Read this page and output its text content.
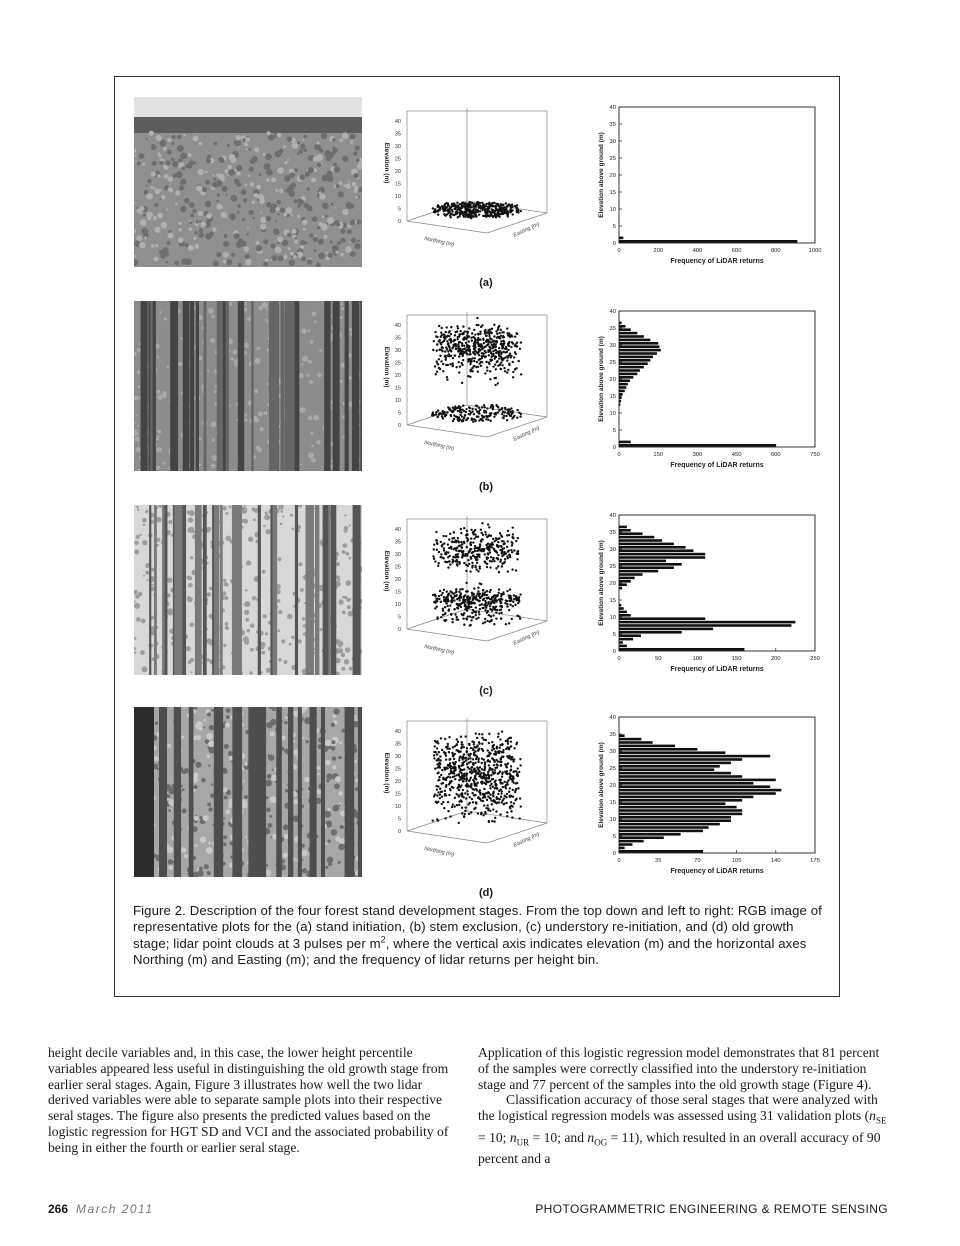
0
5
10
15
20
25
30
35
40
Elevation (m)
Northing (m)
Easting (m)
0
5
10
15
20
25
30
35
40
0	200	400	600	800	1000
Elevation above ground (m)
Frequency of LiDAR returns
(a)
0
5
10
15
20
25
30
35
40
Elevation (m)
Northing (m)
Easting (m)
0
5
10
15
20
25
30
35
40
0	150	300	450	600	750
Elevation above ground (m)
Frequency of LiDAR returns
(b)
0
5
10
15
20
25
30
35
40
Elevation (m)
Northing (m)
Easting (m)
0
5
10
15
20
25
30
35
40
0	50	100	150	200	250
Elevation above ground (m)
Frequency of LiDAR returns
(c)
0
5
10
15
20
25
30
35
40
Elevation (m)
Northing (m)
Easting (m)
0
5
10
15
20
25
30
35
40
0	35	70	105	140	175
Elevation above ground (m)
Frequency of LiDAR returns
(d)
Figure 2. Description of the four forest stand development stages. From the top down and left to right: RGB image of representative plots for the (a) stand initiation, (b) stem exclusion, (c) understory re-initiation, and (d) old growth stage; lidar point clouds at 3 pulses per $m^2$, where the vertical axis indicates elevation (m) and the horizontal axes Northing (m) and Easting (m); and the frequency of lidar returns per height bin.

height decile variables and, in this case, the lower height percentile variables appeared less useful in distinguishing the old growth stage from earlier seral stages. Again, Figure 3 illustrates how well the two lidar derived variables were able to separate sample plots into their respective seral stages. The figure also presents the predicted values based on the logistic regression for HGT SD and VCI and the associated probability of being in either the fourth or earlier seral stage.

Application of this logistic regression model demonstrates that 81 percent of the samples were correctly classified into the understory re-initiation stage and 77 percent of the samples into the old growth stage (Figure 4).

Classification accuracy of those seral stages that were analyzed with the logistical regression models was assessed using 31 validation plots ($n_{SE} = 10$; $n_{UR} = 10$; and $n_{OG} = 11$), which resulted in an overall accuracy of 90 percent and a

266 March 2011	PHOTOGRAMMETRIC ENGINEERING & REMOTE SENSING
